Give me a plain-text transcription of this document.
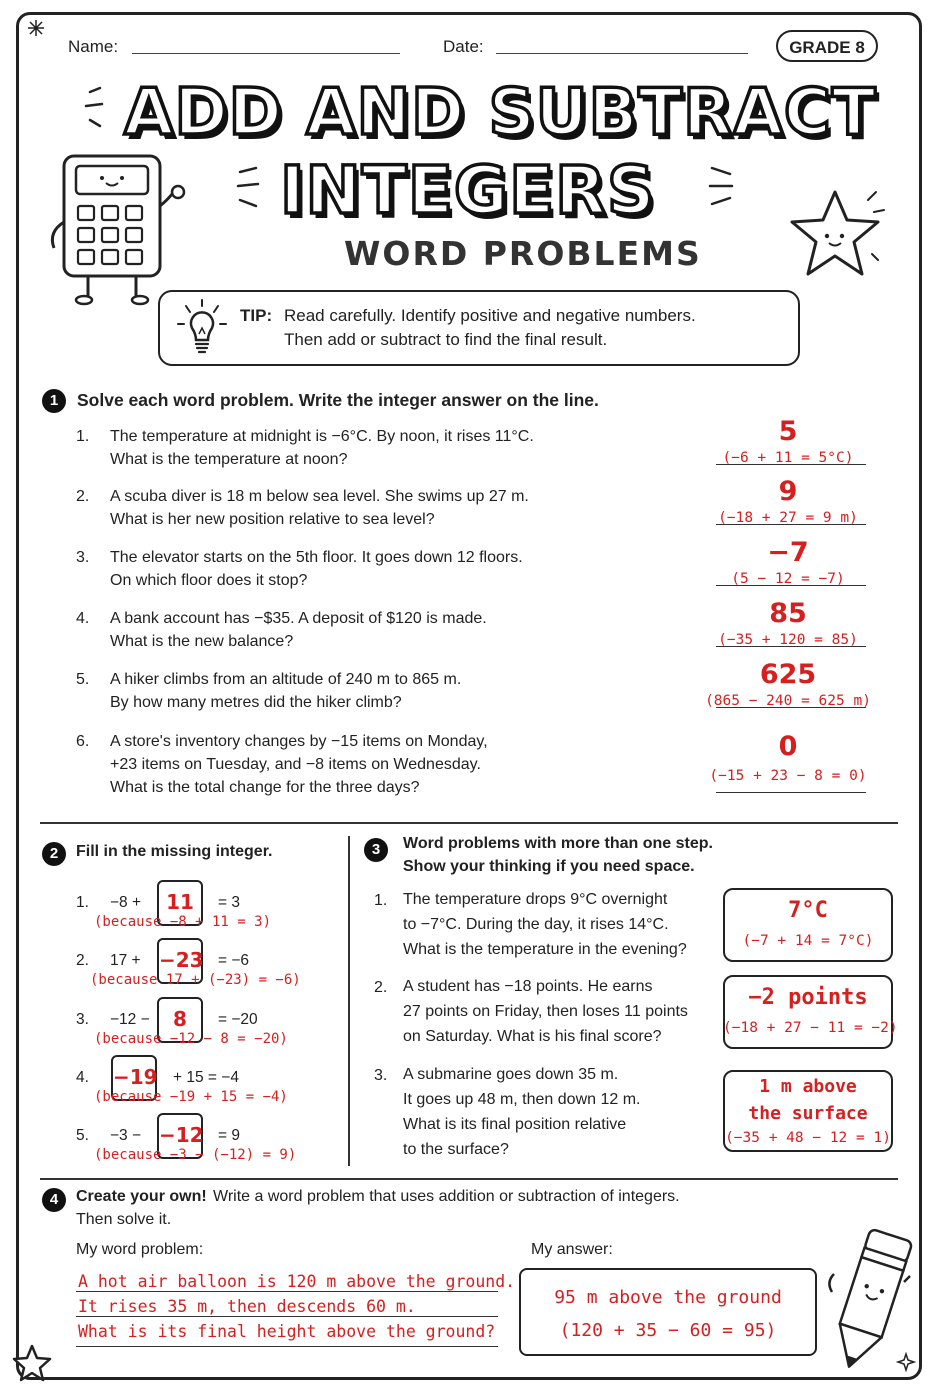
Name:	Date:	GRADE 8
ADD AND SUBTRACT
INTEGERS
WORD PROBLEMS
TIP: Read carefully. Identify positive and negative numbers.
Then add or subtract to find the final result.
1	Solve each word problem. Write the integer answer on the line.
1. The temperature at midnight is −6°C. By noon, it rises 11°C.
What is the temperature at noon?
5
(−6 + 11 = 5°C)
2. A scuba diver is 18 m below sea level. She swims up 27 m.
What is her new position relative to sea level?
9
(−18 + 27 = 9 m)
3. The elevator starts on the 5th floor. It goes down 12 floors.
On which floor does it stop?
−7
(5 − 12 = −7)
4. A bank account has −$35. A deposit of $120 is made.
What is the new balance?
85
(−35 + 120 = 85)
5. A hiker climbs from an altitude of 240 m to 865 m.
By how many metres did the hiker climb?
625
(865 − 240 = 625 m)
6. A store's inventory changes by −15 items on Monday,
+23 items on Tuesday, and −8 items on Wednesday.
What is the total change for the three days?
0
(−15 + 23 − 8 = 0)
2	Fill in the missing integer.
1. −8 +	11	= 3
(because −8 + 11 = 3)
2. 17 + −23 = −6
(because 17 + (−23) = −6)
3. −12 −	8	= −20
(because −12 − 8 = −20)
4. −19 + 15 = −4
(because −19 + 15 = −4)
5. −3 − −12 = 9
(because −3 − (−12) = 9)
3	Word problems with more than one step.
Show your thinking if you need space.
1. The temperature drops 9°C overnight
to −7°C. During the day, it rises 14°C.
What is the temperature in the evening?
7°C
(−7 + 14 = 7°C)
2. A student has −18 points. He earns
27 points on Friday, then loses 11 points
on Saturday. What is his final score?
−2 points
(−18 + 27 − 11 = −2)
3. A submarine goes down 35 m.
It goes up 48 m, then down 12 m.
What is its final position relative
to the surface?
1 m above
the surface
(−35 + 48 − 12 = 1)
4	Create your own! Write a word problem that uses addition or subtraction of integers.
Then solve it.
My word problem:	My answer:
A hot air balloon is 120 m above the ground.
It rises 35 m, then descends 60 m.
What is its final height above the ground?
95 m above the ground
(120 + 35 − 60 = 95)
